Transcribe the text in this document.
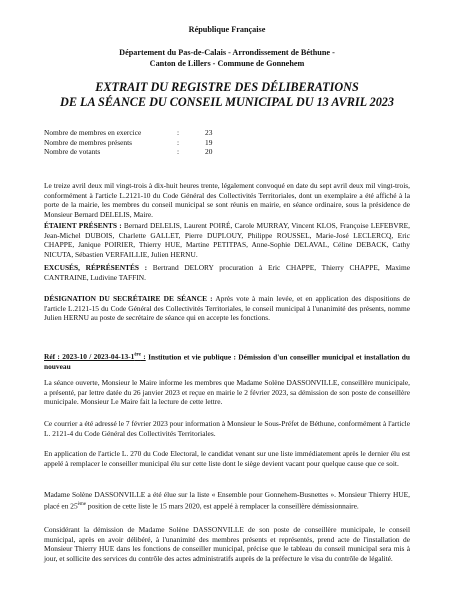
République Française
Département du Pas-de-Calais - Arrondissement de Béthune -
Canton de Lillers - Commune de Gonnehem
EXTRAIT DU REGISTRE DES DÉLIBERATIONS
DE LA SÉANCE DU CONSEIL MUNICIPAL DU 13 AVRIL 2023
Nombre de membres en exercice	:	23
Nombre de membres présents	:	19
Nombre de votants	:	20
Le treize avril deux mil vingt-trois à dix-huit heures trente, légalement convoqué en date du sept avril deux mil vingt-trois, conformément à l'article L.2121-10 du Code Général des Collectivités Territoriales, dont un exemplaire a été affiché à la porte de la mairie, les membres du conseil municipal se sont réunis en mairie, en séance ordinaire, sous la présidence de Monsieur Bernard DELELIS, Maire.
ÉTAIENT PRÉSENTS : Bernard DELELIS, Laurent POIRÉ, Carole MURRAY, Vincent KLOS, Françoise LEFEBVRE, Jean-Michel DUBOIS, Charlette GALLET, Pierre DUPLOUY, Philippe ROUSSEL, Marie-José LECLERCQ, Eric CHAPPE, Janique POIRIER, Thierry HUE, Martine PETITPAS, Anne-Sophie DELAVAL, Céline DEBACK, Cathy NICUTA, Sébastien VERFAILLIE, Julien HERNU.
EXCUSÉS, RÉPRÉSENTÉS : Bertrand DELORY procuration à Eric CHAPPE, Thierry CHAPPE, Maxime CANTRAINE, Ludivine TAFFIN.
DÉSIGNATION DU SECRÉTAIRE DE SÉANCE : Après vote à main levée, et en application des dispositions de l'article L.2121-15 du Code Général des Collectivités Territoriales, le conseil municipal à l'unanimité des présents, nomme Julien HERNU au poste de secrétaire de séance qui en accepte les fonctions.
Réf : 2023-10 / 2023-04-13-1ère : Institution et vie publique : Démission d'un conseiller municipal et installation du nouveau
La séance ouverte, Monsieur le Maire informe les membres que Madame Solène DASSONVILLE, conseillère municipale, a présenté, par lettre datée du 26 janvier 2023 et reçue en mairie le 2 février 2023, sa démission de son poste de conseillère municipale. Monsieur Le Maire fait la lecture de cette lettre.
Ce courrier a été adressé le 7 février 2023 pour information à Monsieur le Sous-Préfet de Béthune, conformément à l'article L. 2121-4 du Code Général des Collectivités Territoriales.
En application de l'article L. 270 du Code Electoral, le candidat venant sur une liste immédiatement après le dernier élu est appelé à remplacer le conseiller municipal élu sur cette liste dont le siège devient vacant pour quelque cause que ce soit.
Madame Solène DASSONVILLE a été élue sur la liste « Ensemble pour Gonnehem-Busnettes ». Monsieur Thierry HUE, placé en 25ème position de cette liste le 15 mars 2020, est appelé à remplacer la conseillère démissionnaire.
Considérant la démission de Madame Solène DASSONVILLE de son poste de conseillère municipale, le conseil municipal, après en avoir délibéré, à l'unanimité des membres présents et représentés, prend acte de l'installation de Monsieur Thierry HUE dans les fonctions de conseiller municipal, précise que le tableau du conseil municipal sera mis à jour, et sollicite des services du contrôle des actes administratifs auprès de la préfecture le visa du contrôle de légalité.
